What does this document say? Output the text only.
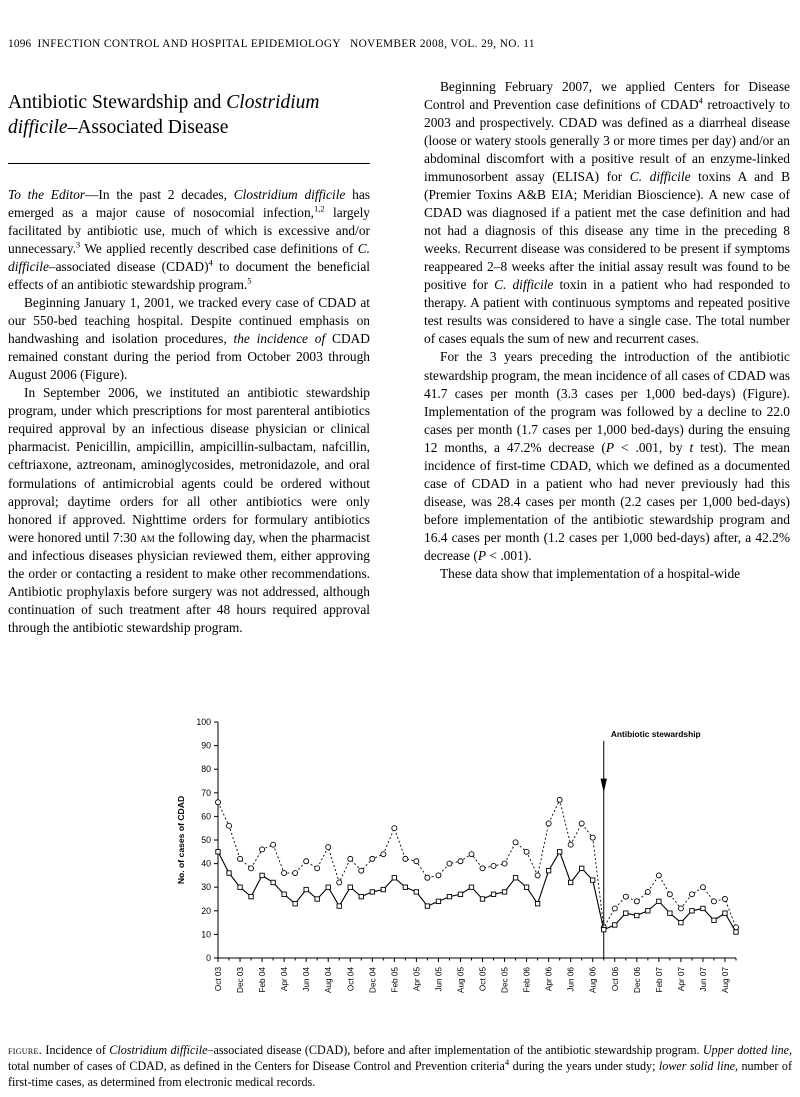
1096 INFECTION CONTROL AND HOSPITAL EPIDEMIOLOGY NOVEMBER 2008, VOL. 29, NO. 11
Antibiotic Stewardship and Clostridium
difficile–Associated Disease

To the Editor—In the past 2 decades, Clostridium difficile has emerged as a major cause of nosocomial infection,$^{1,2}$ largely facilitated by antibiotic use, much of which is excessive and/or unnecessary.$^3$ We applied recently described case definitions of C. difficile–associated disease (CDAD)$^4$ to document the beneficial effects of an antibiotic stewardship program.$^5$

Beginning January 1, 2001, we tracked every case of CDAD at our 550-bed teaching hospital. Despite continued emphasis on handwashing and isolation procedures, the incidence of CDAD remained constant during the period from October 2003 through August 2006 (Figure).

In September 2006, we instituted an antibiotic stewardship program, under which prescriptions for most parenteral antibiotics required approval by an infectious disease physician or clinical pharmacist. Penicillin, ampicillin, ampicillin-sulbactam, nafcillin, ceftriaxone, aztreonam, aminoglycosides, metronidazole, and oral formulations of antimicrobial agents could be ordered without approval; daytime orders for all other antibiotics were only honored if approved. Nighttime orders for formulary antibiotics were honored until 7:30 am the following day, when the pharmacist and infectious diseases physician reviewed them, either approving the order or contacting a resident to make other recommendations. Antibiotic prophylaxis before surgery was not addressed, although continuation of such treatment after 48 hours required approval through the antibiotic stewardship program.

Beginning February 2007, we applied Centers for Disease Control and Prevention case definitions of CDAD$^4$ retroactively to 2003 and prospectively. CDAD was defined as a diarrheal disease (loose or watery stools generally 3 or more times per day) and/or an abdominal discomfort with a positive result of an enzyme-linked immunosorbent assay (ELISA) for C. difficile toxins A and B (Premier Toxins A&B EIA; Meridian Bioscience). A new case of CDAD was diagnosed if a patient met the case definition and had not had a diagnosis of this disease any time in the preceding 8 weeks. Recurrent disease was considered to be present if symptoms reappeared 2–8 weeks after the initial assay result was found to be positive for C. difficile toxin in a patient who had responded to therapy. A patient with continuous symptoms and repeated positive test results was considered to have a single case. The total number of cases equals the sum of new and recurrent cases.

For the 3 years preceding the introduction of the antibiotic stewardship program, the mean incidence of all cases of CDAD was 41.7 cases per month (3.3 cases per 1,000 bed-days) (Figure). Implementation of the program was followed by a decline to 22.0 cases per month (1.7 cases per 1,000 bed-days) during the ensuing 12 months, a 47.2% decrease (P < .001, by t test). The mean incidence of first-time CDAD, which we defined as a documented case of CDAD in a patient who had never previously had this disease, was 28.4 cases per month (2.2 cases per 1,000 bed-days) before implementation of the antibiotic stewardship program and 16.4 cases per month (1.2 cases per 1,000 bed-days) after, a 42.2% decrease (P < .001).

These data show that implementation of a hospital-wide

0
10
20
30
40
50
60
70
80
90
100
No. of cases of CDAD
Oct 03 Dec 03 Feb 04 Apr 04 Jun 04 Aug 04 Oct 04 Dec 04 Feb 05 Apr 05 Jun 05 Aug 05 Oct 05 Dec 05 Feb 06 Apr 06 Jun 06 Aug 06 Oct 06 Dec 06 Feb 07 Apr 07 Jun 07 Aug 07
Antibiotic stewardship
figure. Incidence of Clostridium difficile–associated disease (CDAD), before and after implementation of the antibiotic stewardship program. Upper dotted line, total number of cases of CDAD, as defined in the Centers for Disease Control and Prevention criteria$^4$ during the years under study; lower solid line, number of first-time cases, as determined from electronic medical records.
